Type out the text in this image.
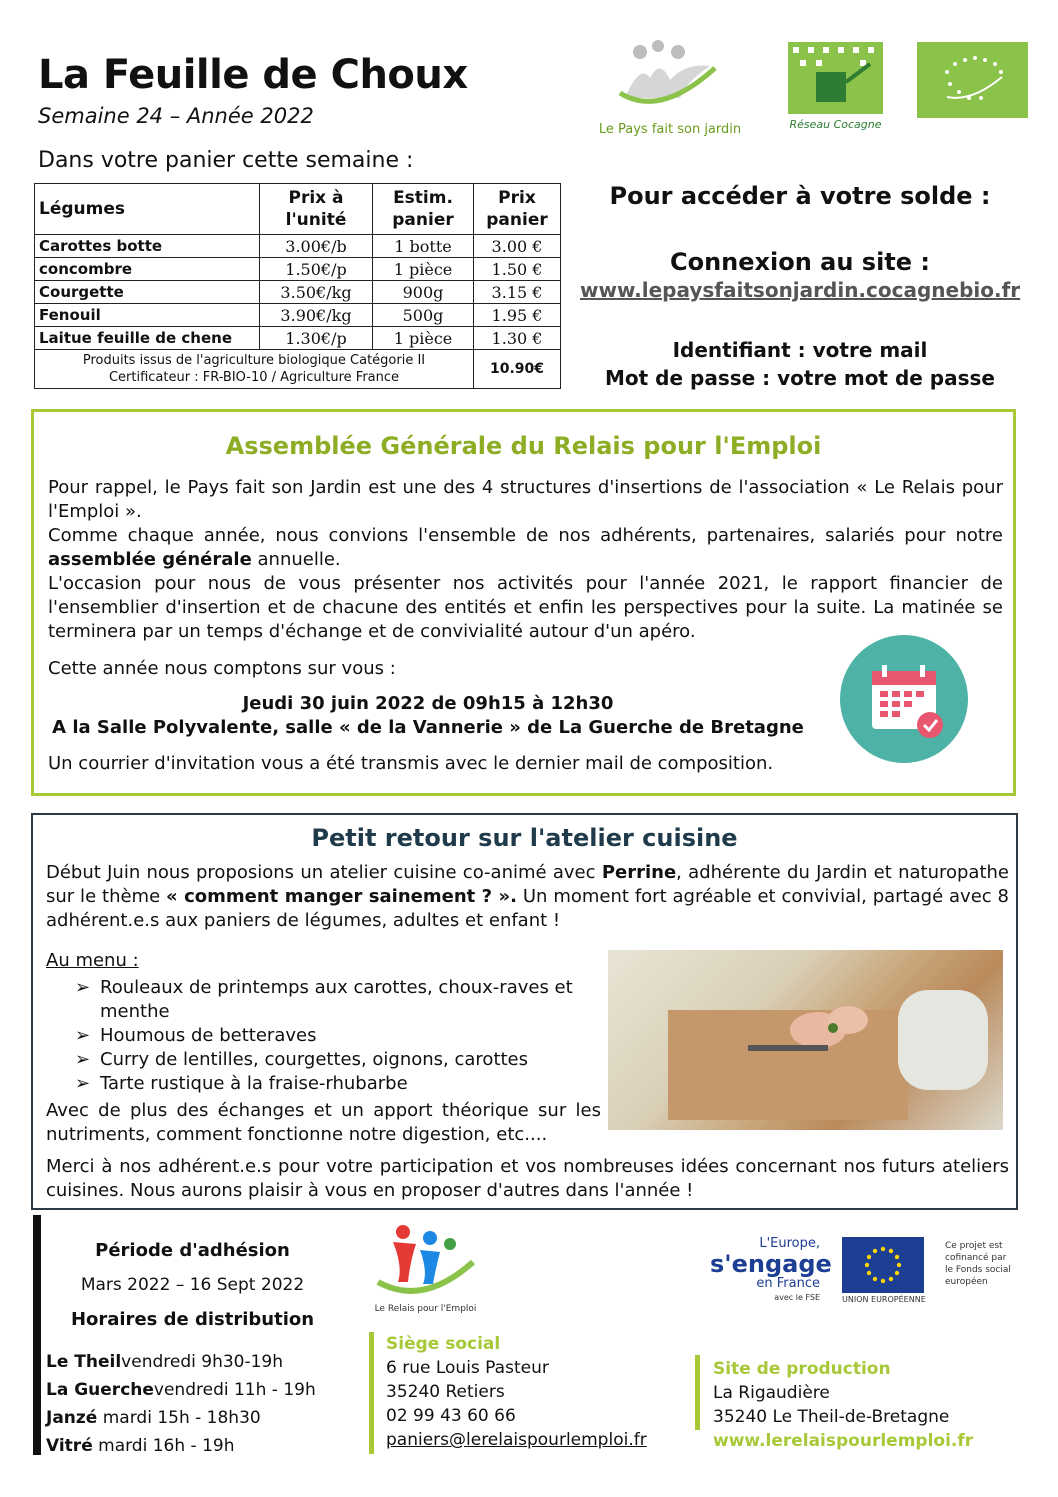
La Feuille de Choux
Semaine 24 – Année 2022
Dans votre panier cette semaine :
Le Pays fait son jardin	Réseau Cocagne
Légumes	Prix à l'unité	Estim. panier	Prix panier
Carottes botte	3.00€/b	1 botte	3.00 €
concombre	1.50€/p	1 pièce	1.50 €
Courgette	3.50€/kg	900g	3.15 €
Fenouil	3.90€/kg	500g	1.95 €
Laitue feuille de chene	1.30€/p	1 pièce	1.30 €

Produits issus de l'agriculture biologique Catégorie II
Certificateur : FR-BIO-10 / Agriculture France			10.90€
Pour accéder à votre solde :
Connexion au site :
www.lepaysfaitsonjardin.cocagnebio.fr
Identifiant : votre mail
Mot de passe : votre mot de passe
Assemblée Générale du Relais pour l'Emploi
Pour rappel, le Pays fait son Jardin est une des 4 structures d'insertions de l'association « Le Relais pour l'Emploi ».
Comme chaque année, nous convions l'ensemble de nos adhérents, partenaires, salariés pour notre assemblée générale annuelle.
L'occasion pour nous de vous présenter nos activités pour l'année 2021, le rapport financier de l'ensemblier d'insertion et de chacune des entités et enfin les perspectives pour la suite. La matinée se terminera par un temps d'échange et de convivialité autour d'un apéro.
Cette année nous comptons sur vous :
Jeudi 30 juin 2022 de 09h15 à 12h30
A la Salle Polyvalente, salle « de la Vannerie » de La Guerche de Bretagne
Un courrier d'invitation vous a été transmis avec le dernier mail de composition.
Petit retour sur l'atelier cuisine
Début Juin nous proposions un atelier cuisine co-animé avec Perrine, adhérente du Jardin et naturopathe sur le thème « comment manger sainement ? ». Un moment fort agréable et convivial, partagé avec 8 adhérent.e.s aux paniers de légumes, adultes et enfant !
Au menu :
Avec de plus des échanges et un apport théorique sur les nutriments, comment fonctionne notre digestion, etc....
Merci à nos adhérent.e.s pour votre participation et vos nombreuses idées concernant nos futurs ateliers cuisines. Nous aurons plaisir à vous en proposer d'autres dans l'année !
➢ Rouleaux de printemps aux carottes, choux-raves et menthe
➢ Houmous de betteraves
➢ Curry de lentilles, courgettes, oignons, carottes
➢ Tarte rustique à la fraise-rhubarbe
Période d'adhésion
Mars 2022 – 16 Sept 2022
Horaires de distribution
Le Theilvendredi 9h30-19h
La Guerchevendredi 11h - 19h
Janzé mardi 15h - 18h30
Vitré mardi 16h - 19h
Le Relais pour l'Emploi
Siège social
6 rue Louis Pasteur
35240 Retiers
02 99 43 60 66
paniers@lerelaispourlemploi.fr
Site de production
La Rigaudière
35240 Le Theil-de-Bretagne
www.lerelaispourlemploi.fr
L'Europe,
s'engage
en France
avec le FSE	UNION EUROPÉENNE
Ce projet est cofinancé par le Fonds social européen
